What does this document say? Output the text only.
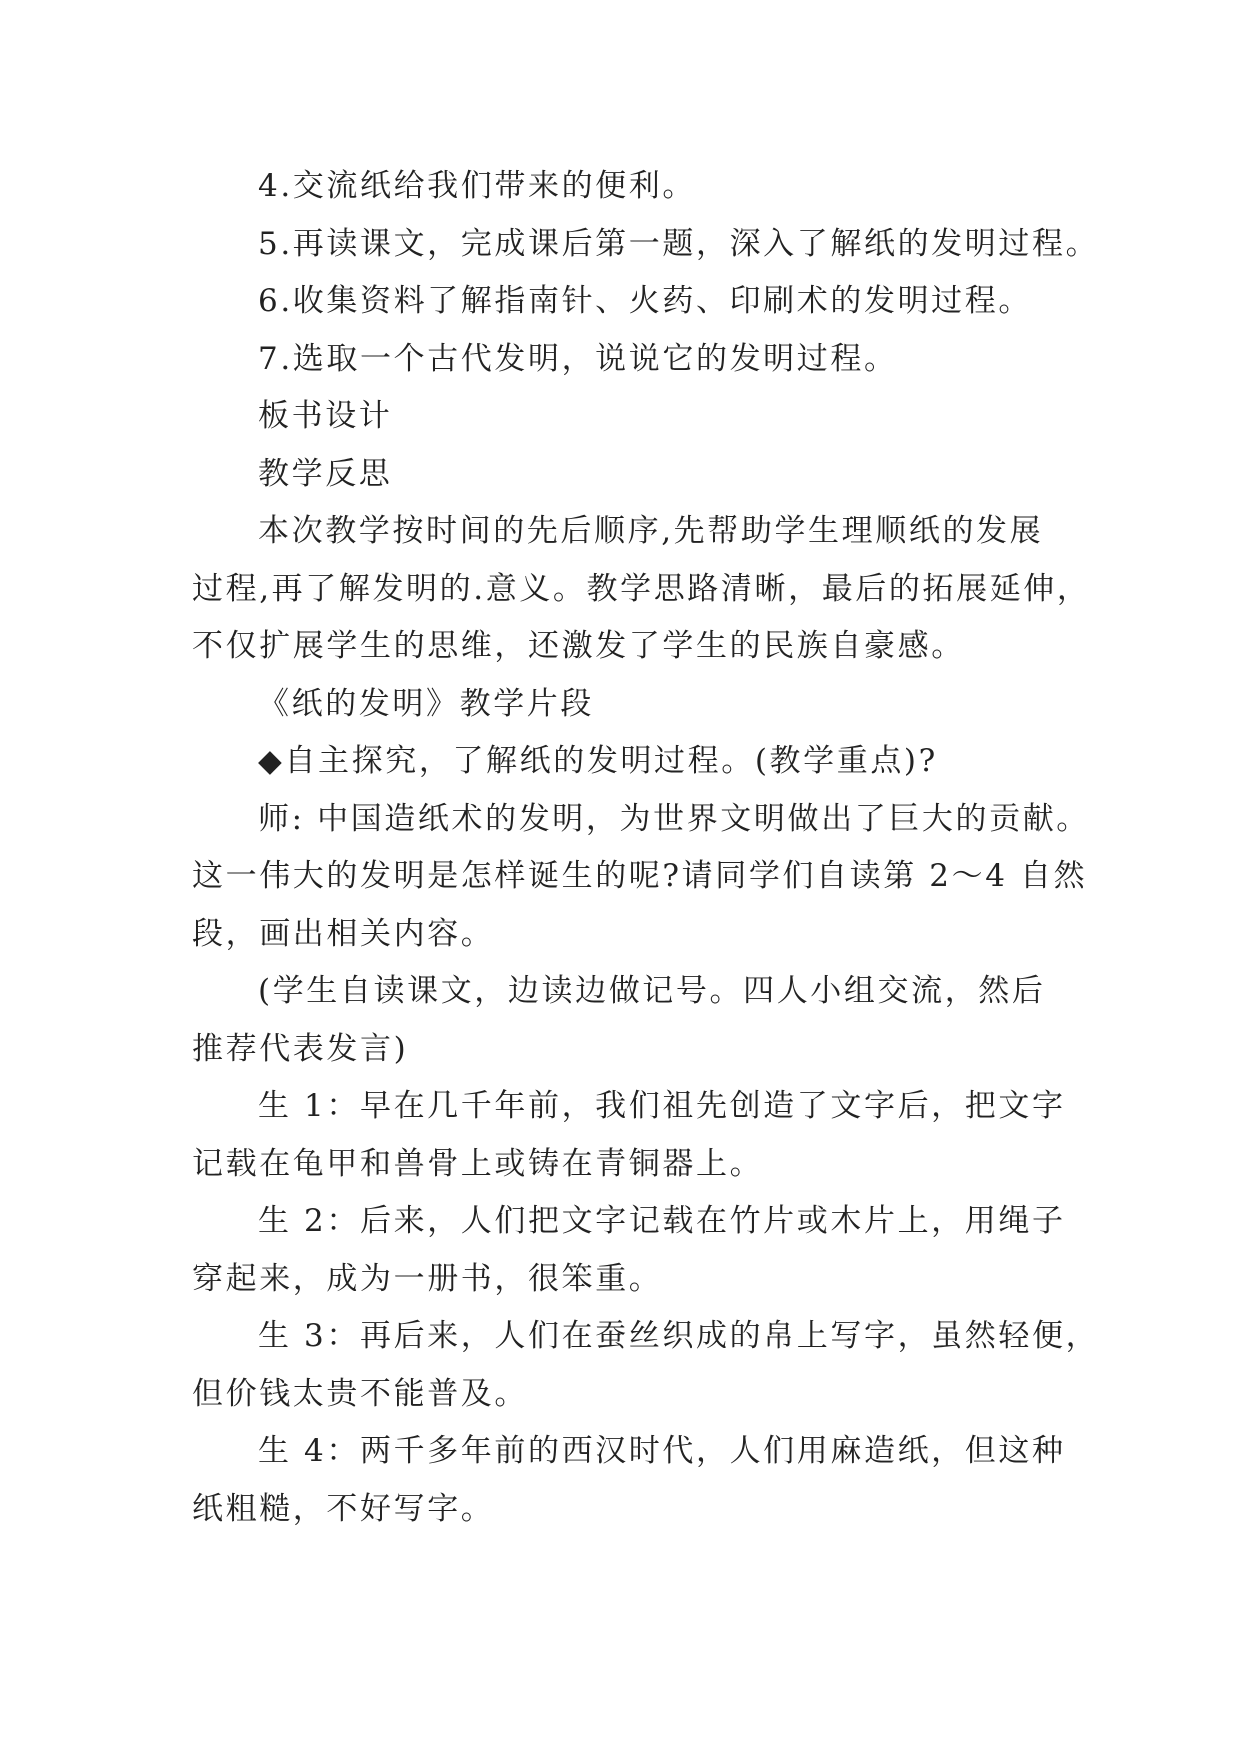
4.交流纸给我们带来的便利。
5.再读课文，完成课后第一题，深入了解纸的发明过程。
6.收集资料了解指南针、火药、印刷术的发明过程。
7.选取一个古代发明，说说它的发明过程。
板书设计
教学反思
本次教学按时间的先后顺序,先帮助学生理顺纸的发展
过程,再了解发明的.意义。教学思路清晰，最后的拓展延伸，
不仅扩展学生的思维，还激发了学生的民族自豪感。
《纸的发明》教学片段
◆自主探究，了解纸的发明过程。(教学重点)?
师: 中国造纸术的发明，为世界文明做出了巨大的贡献。
这一伟大的发明是怎样诞生的呢?请同学们自读第 2～4 自然
段，画出相关内容。
(学生自读课文，边读边做记号。四人小组交流，然后
推荐代表发言)
生 1：早在几千年前，我们祖先创造了文字后，把文字
记载在龟甲和兽骨上或铸在青铜器上。
生 2：后来，人们把文字记载在竹片或木片上，用绳子
穿起来，成为一册书，很笨重。
生 3：再后来，人们在蚕丝织成的帛上写字，虽然轻便，
但价钱太贵不能普及。
生 4：两千多年前的西汉时代，人们用麻造纸，但这种
纸粗糙，不好写字。
